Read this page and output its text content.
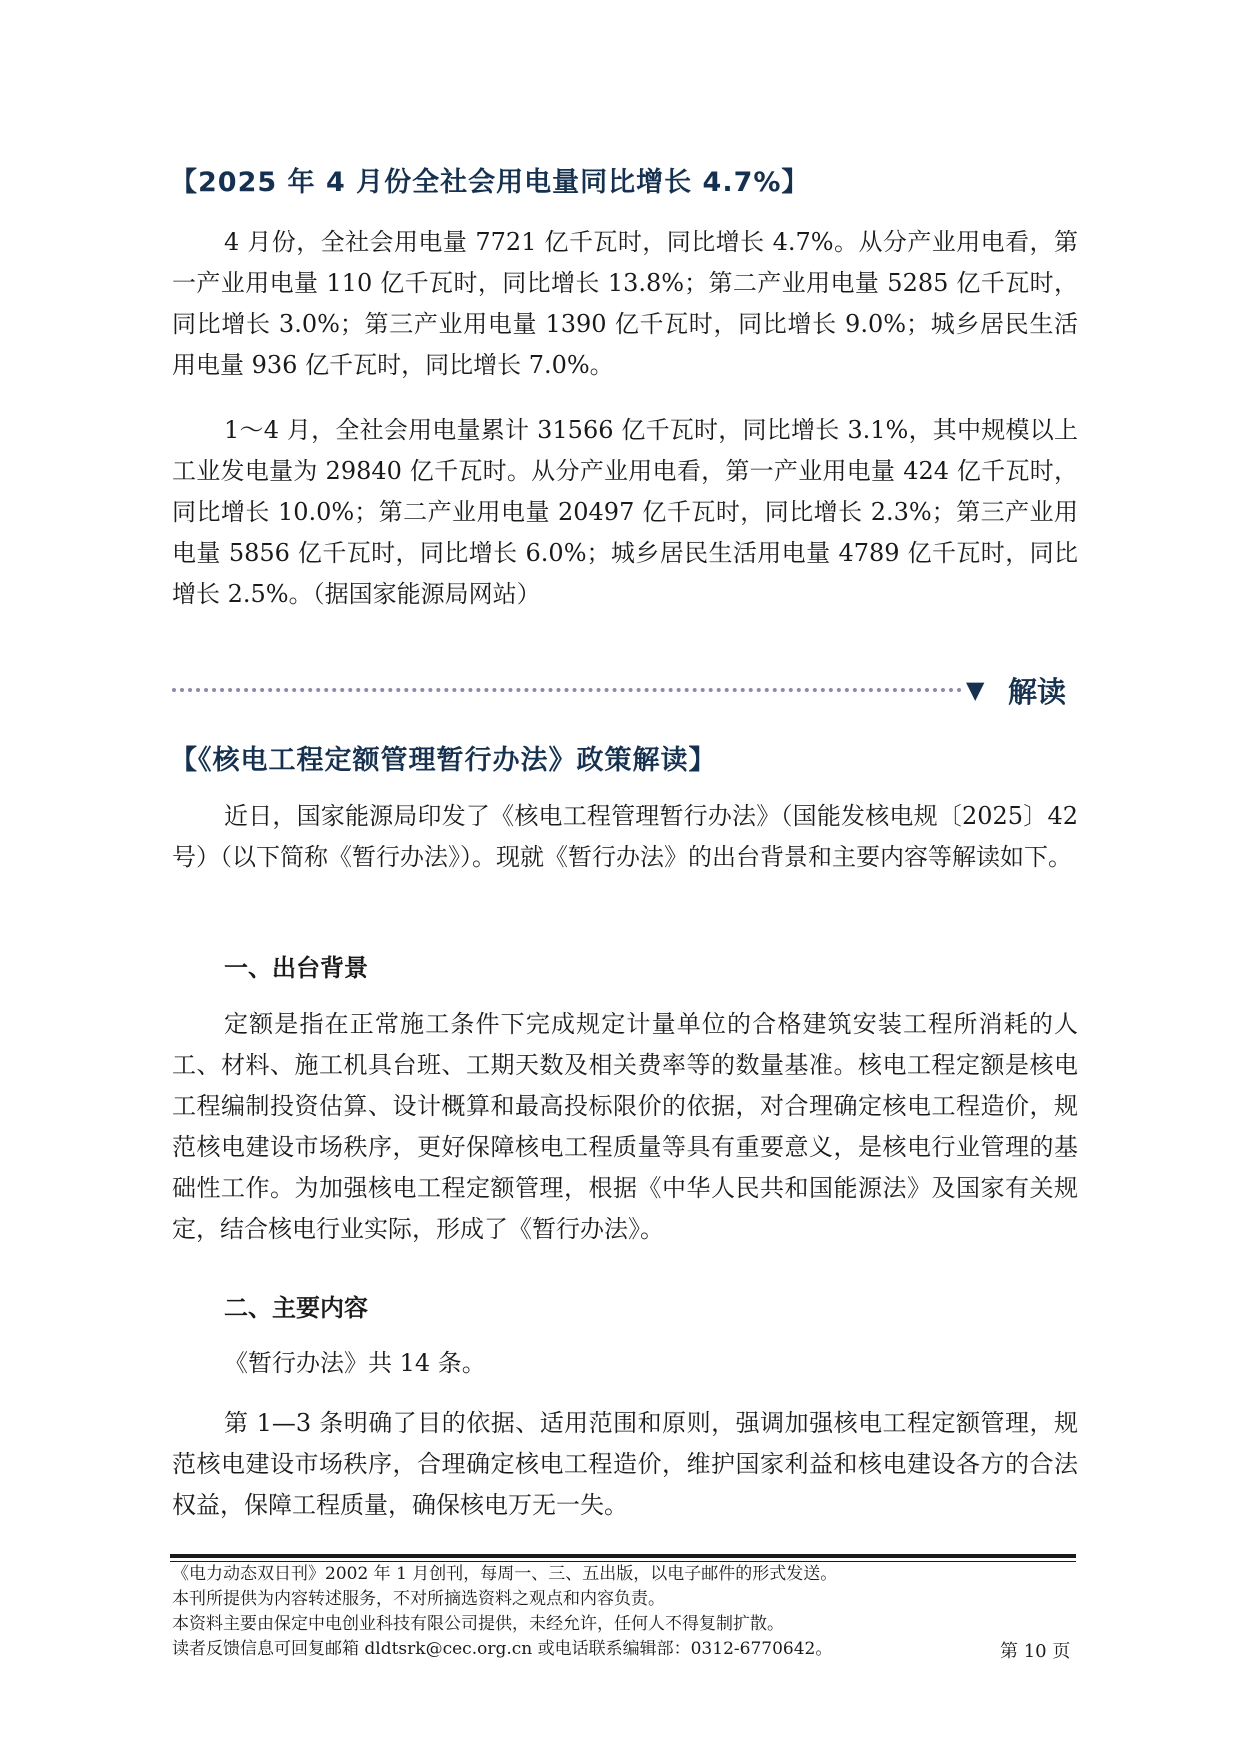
【2025 年 4 月份全社会用电量同比增长 4.7%】

4 月份，全社会用电量 7721 亿千瓦时，同比增长 4.7%。从分产业用电看，第一产业用电量 110 亿千瓦时，同比增长 13.8%；第二产业用电量 5285 亿千瓦时，同比增长 3.0%；第三产业用电量 1390 亿千瓦时，同比增长 9.0%；城乡居民生活用电量 936 亿千瓦时，同比增长 7.0%。

1～4 月，全社会用电量累计 31566 亿千瓦时，同比增长 3.1%，其中规模以上工业发电量为 29840 亿千瓦时。从分产业用电看，第一产业用电量 424 亿千瓦时，同比增长 10.0%；第二产业用电量 20497 亿千瓦时，同比增长 2.3%；第三产业用电量 5856 亿千瓦时，同比增长 6.0%；城乡居民生活用电量 4789 亿千瓦时，同比增长 2.5%。（据国家能源局网站）

▼ 解读
【《核电工程定额管理暂行办法》政策解读】

近日，国家能源局印发了《核电工程管理暂行办法》（国能发核电规〔2025〕42 号）（以下简称《暂行办法》）。现就《暂行办法》的出台背景和主要内容等解读如下。

一、出台背景

定额是指在正常施工条件下完成规定计量单位的合格建筑安装工程所消耗的人工、材料、施工机具台班、工期天数及相关费率等的数量基准。核电工程定额是核电工程编制投资估算、设计概算和最高投标限价的依据，对合理确定核电工程造价，规范核电建设市场秩序，更好保障核电工程质量等具有重要意义，是核电行业管理的基础性工作。为加强核电工程定额管理，根据《中华人民共和国能源法》及国家有关规定，结合核电行业实际，形成了《暂行办法》。

二、主要内容

《暂行办法》共 14 条。

第 1—3 条明确了目的依据、适用范围和原则，强调加强核电工程定额管理，规范核电建设市场秩序，合理确定核电工程造价，维护国家利益和核电建设各方的合法权益，保障工程质量，确保核电万无一失。

《电力动态双日刊》2002 年 1 月创刊，每周一、三、五出版，以电子邮件的形式发送。
本刊所提供为内容转述服务，不对所摘选资料之观点和内容负责。
本资料主要由保定中电创业科技有限公司提供，未经允许，任何人不得复制扩散。
读者反馈信息可回复邮箱 dldtsrk@cec.org.cn 或电话联系编辑部：0312-6770642。	第 10 页
